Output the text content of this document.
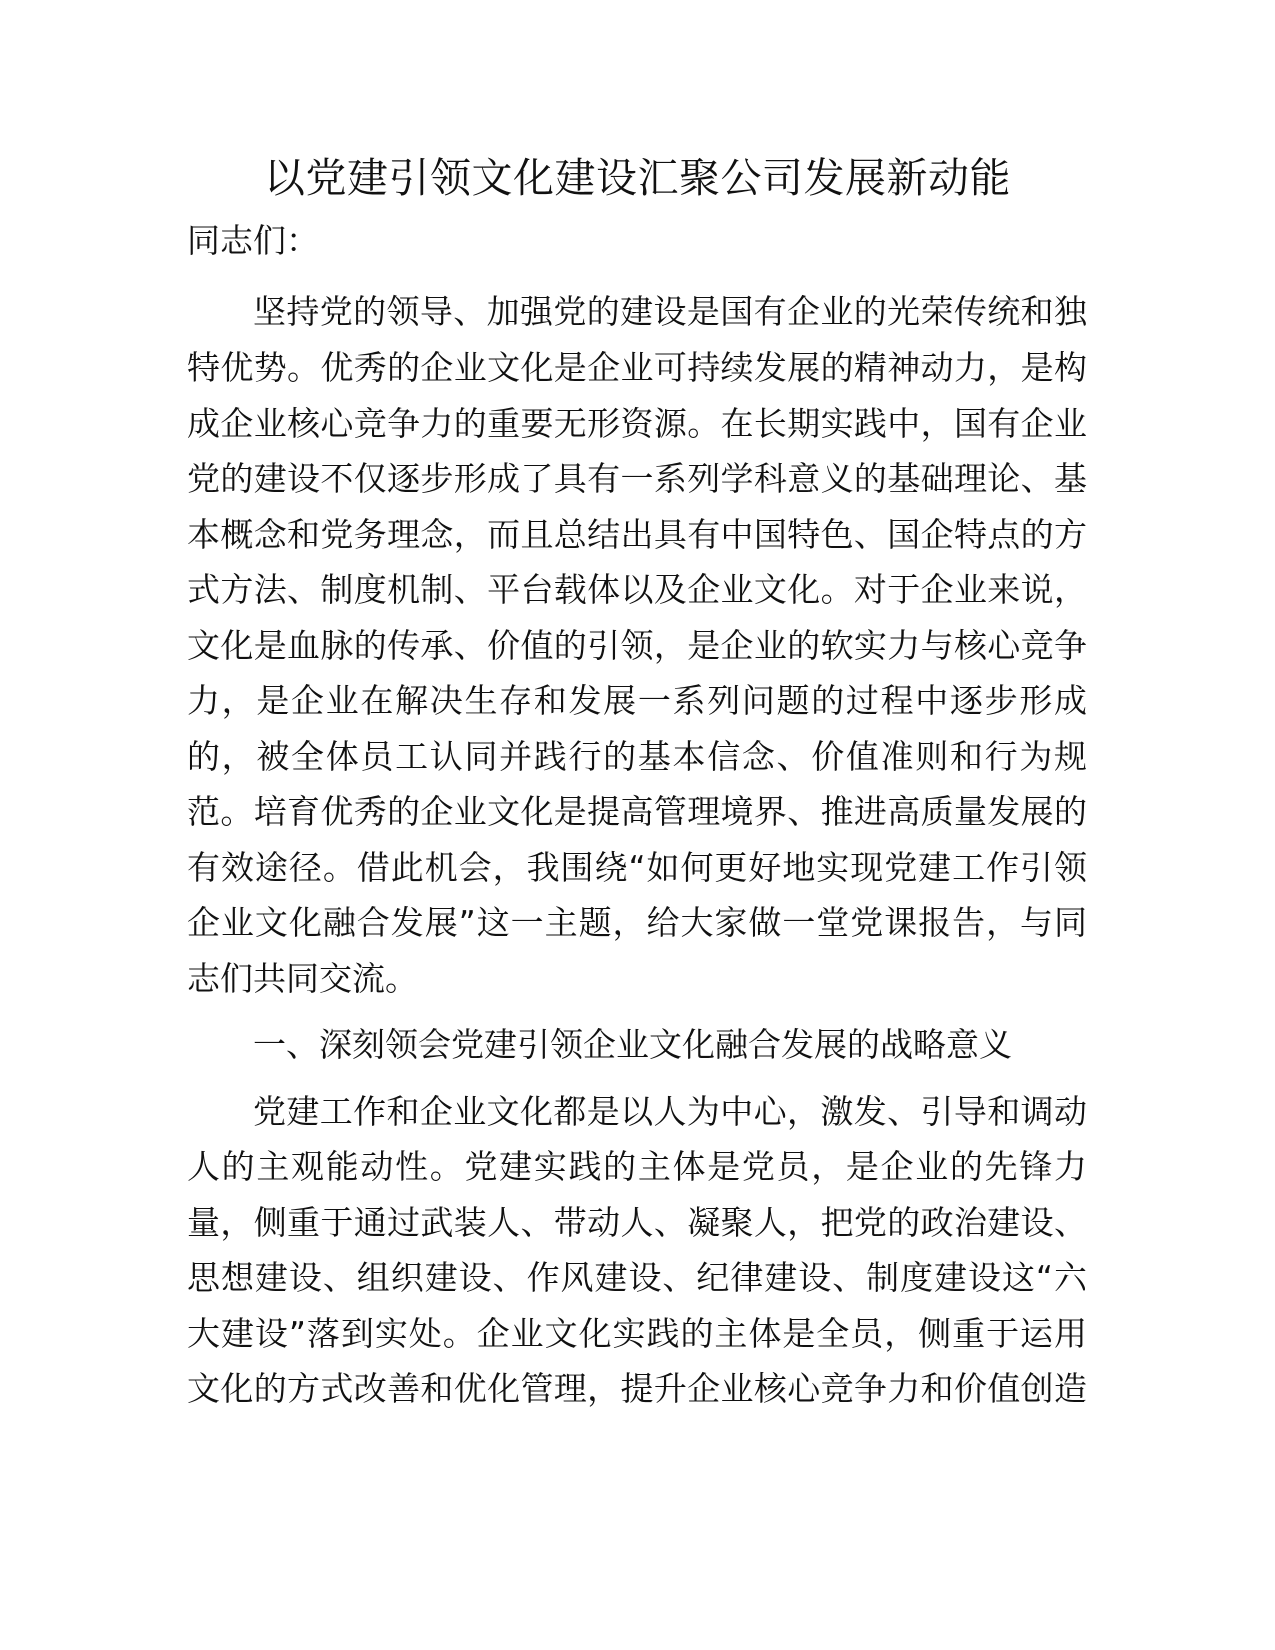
以党建引领文化建设汇聚公司发展新动能

同志们：

坚持党的领导、加强党的建设是国有企业的光荣传统和独

特优势。优秀的企业文化是企业可持续发展的精神动力，是构

成企业核心竞争力的重要无形资源。在长期实践中，国有企业

党的建设不仅逐步形成了具有一系列学科意义的基础理论、基

本概念和党务理念，而且总结出具有中国特色、国企特点的方

式方法、制度机制、平台载体以及企业文化。对于企业来说，

文化是血脉的传承、价值的引领，是企业的软实力与核心竞争

力，是企业在解决生存和发展一系列问题的过程中逐步形成

的，被全体员工认同并践行的基本信念、价值准则和行为规

范。培育优秀的企业文化是提高管理境界、推进高质量发展的

有效途径。借此机会，我围绕“如何更好地实现党建工作引领

企业文化融合发展”这一主题，给大家做一堂党课报告，与同

志们共同交流。

一、深刻领会党建引领企业文化融合发展的战略意义

党建工作和企业文化都是以人为中心，激发、引导和调动

人的主观能动性。党建实践的主体是党员，是企业的先锋力

量，侧重于通过武装人、带动人、凝聚人，把党的政治建设、

思想建设、组织建设、作风建设、纪律建设、制度建设这“六

大建设”落到实处。企业文化实践的主体是全员，侧重于运用

文化的方式改善和优化管理，提升企业核心竞争力和价值创造
